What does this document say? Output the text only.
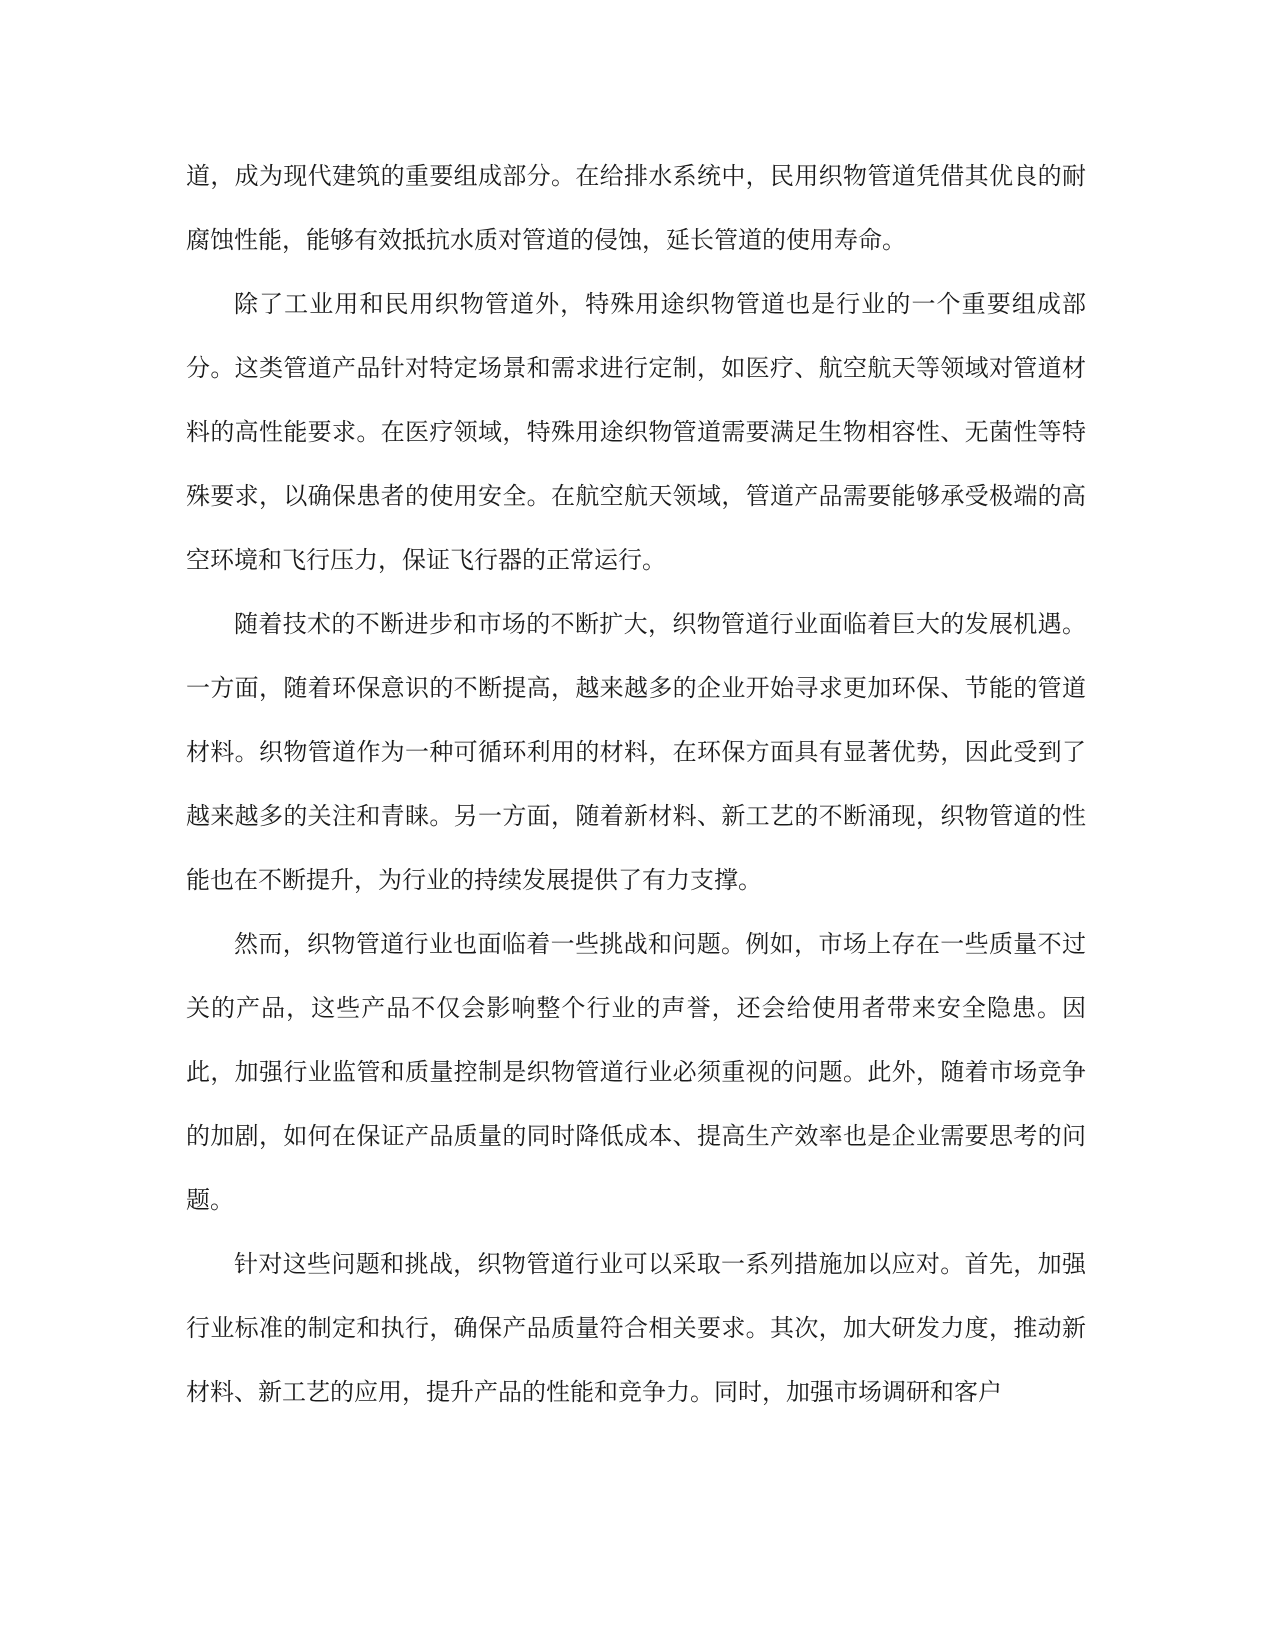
道，成为现代建筑的重要组成部分。在给排水系统中，民用织物管道凭借其优良的耐腐蚀性能，能够有效抵抗水质对管道的侵蚀，延长管道的使用寿命。

除了工业用和民用织物管道外，特殊用途织物管道也是行业的一个重要组成部分。这类管道产品针对特定场景和需求进行定制，如医疗、航空航天等领域对管道材料的高性能要求。在医疗领域，特殊用途织物管道需要满足生物相容性、无菌性等特殊要求，以确保患者的使用安全。在航空航天领域，管道产品需要能够承受极端的高空环境和飞行压力，保证飞行器的正常运行。

随着技术的不断进步和市场的不断扩大，织物管道行业面临着巨大的发展机遇。一方面，随着环保意识的不断提高，越来越多的企业开始寻求更加环保、节能的管道材料。织物管道作为一种可循环利用的材料，在环保方面具有显著优势，因此受到了越来越多的关注和青睐。另一方面，随着新材料、新工艺的不断涌现，织物管道的性能也在不断提升，为行业的持续发展提供了有力支撑。

然而，织物管道行业也面临着一些挑战和问题。例如，市场上存在一些质量不过关的产品，这些产品不仅会影响整个行业的声誉，还会给使用者带来安全隐患。因此，加强行业监管和质量控制是织物管道行业必须重视的问题。此外，随着市场竞争的加剧，如何在保证产品质量的同时降低成本、提高生产效率也是企业需要思考的问题。

针对这些问题和挑战，织物管道行业可以采取一系列措施加以应对。首先，加强行业标准的制定和执行，确保产品质量符合相关要求。其次，加大研发力度，推动新材料、新工艺的应用，提升产品的性能和竞争力。同时，加强市场调研和客户
